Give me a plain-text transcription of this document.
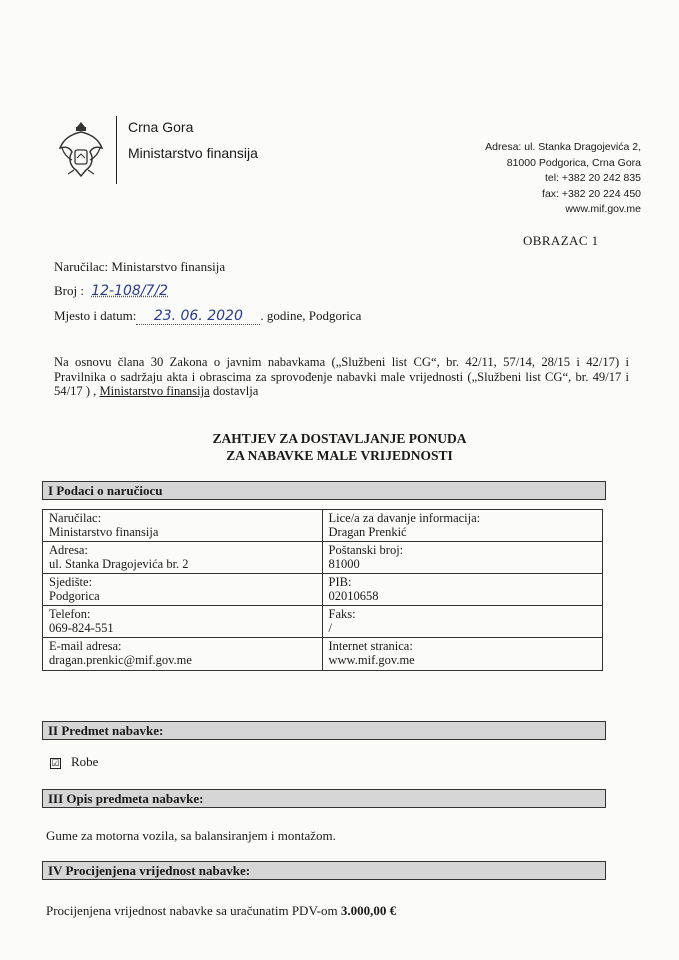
Crna Gora
Ministarstvo finansija	Adresa: ul. Stanka Dragojevića 2,
81000 Podgorica, Crna Gora
tel: +382 20 242 835
fax: +382 20 224 450
www.mif.gov.me
OBRAZAC 1
Naručilac: Ministarstvo finansija
Broj : 12-108/7/2
Mjesto i datum: 23. 06. 2020 . godine, Podgorica
Na osnovu člana 30 Zakona o javnim nabavkama („Službeni list CG“, br. 42/11, 57/14, 28/15 i 42/17) i Pravilnika o sadržaju akta i obrascima za sprovođenje nabavki male vrijednosti („Službeni list CG“, br. 49/17 i 54/17 ) , Ministarstvo finansija dostavlja
ZAHTJEV ZA DOSTAVLJANJE PONUDA
ZA NABAVKE MALE VRIJEDNOSTI
I Podaci o naručiocu
Naručilac:
Ministarstvo finansija
Lice/a za davanje informacija:
Dragan Prenkić
Adresa:
ul. Stanka Dragojevića br. 2
Poštanski broj:
81000
Sjedište:
Podgorica
PIB:
02010658
Telefon:
069-824-551
Faks:
/
E-mail adresa:
dragan.prenkic@mif.gov.me
Internet stranica:
www.mif.gov.me
II Predmet nabavke:
☑ Robe
III Opis predmeta nabavke:
Gume za motorna vozila, sa balansiranjem i montažom.
IV Procijenjena vrijednost nabavke:
Procijenjena vrijednost nabavke sa uračunatim PDV-om 3.000,00 €
